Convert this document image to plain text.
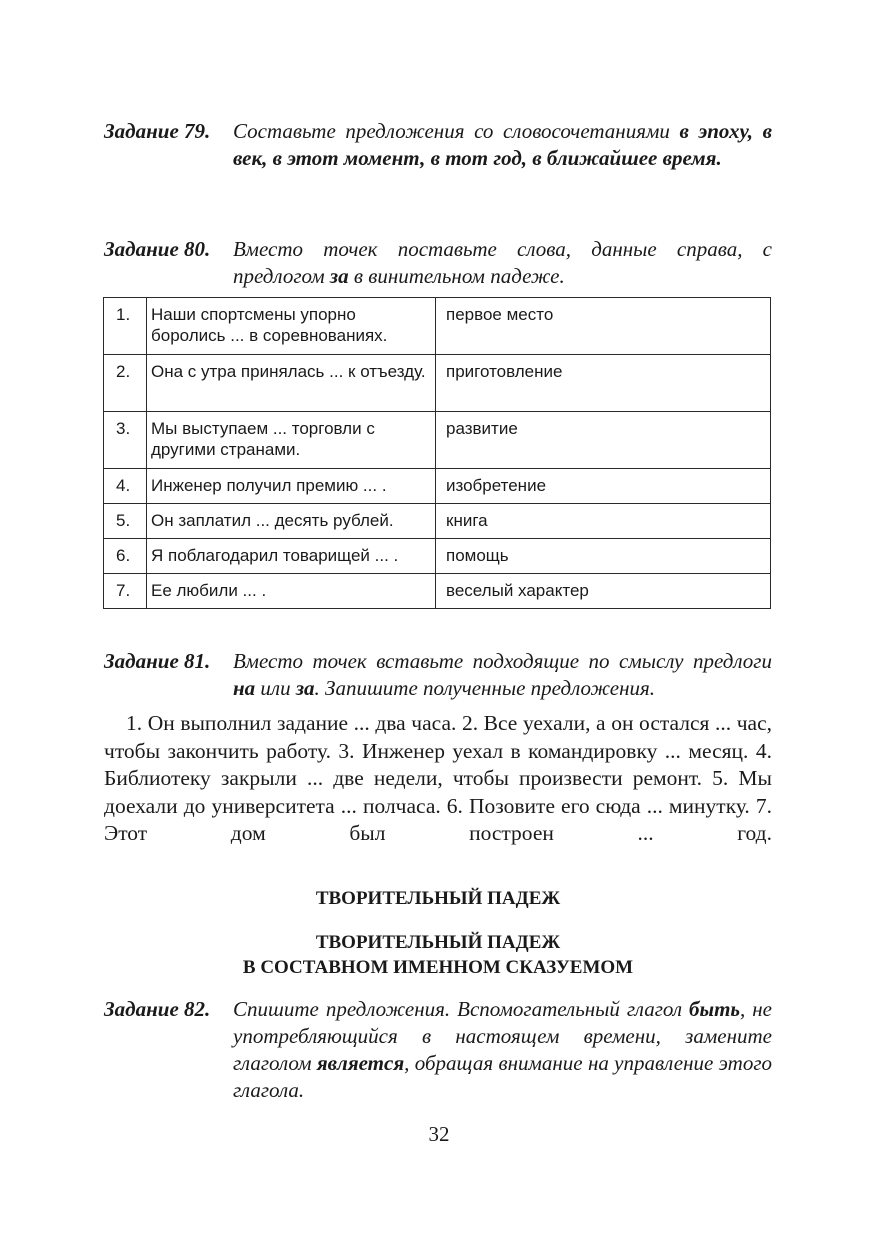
Задание 79. Составьте предложения со словосочетаниями в эпоху, в век, в этот момент, в тот год, в ближайшее время.
Задание 80. Вместо точек поставьте слова, данные справа, с предлогом за в винительном падеже.
1.	Наши спортсмены упорно боролись ... в соревнованиях.	первое место
2.	Она с утра принялась ... к отъезду.	приготовление
3.	Мы выступаем ... торговли с другими странами.	развитие
4.	Инженер получил премию ... .	изобретение
5.	Он заплатил ... десять рублей.	книга
6.	Я поблагодарил товарищей ... .	помощь
7.	Ее любили ... .	веселый характер
Задание 81. Вместо точек вставьте подходящие по смыслу предлоги на или за. Запишите полученные предложения.
1. Он выполнил задание ... два часа. 2. Все уехали, а он остался ... час, чтобы закончить работу. 3. Инженер уехал в командировку ... месяц. 4. Библиотеку закрыли ... две недели, чтобы произвести ремонт. 5. Мы доехали до университета ... полчаса. 6. Позовите его сюда ... минутку. 7. Этот дом был построен ... год.
ТВОРИТЕЛЬНЫЙ ПАДЕЖ
ТВОРИТЕЛЬНЫЙ ПАДЕЖ
В СОСТАВНОМ ИМЕННОМ СКАЗУЕМОМ
Задание 82. Спишите предложения. Вспомогательный глагол быть, не употребляющийся в настоящем времени, замените глаголом является, обращая внимание на управление этого глагола.
32
